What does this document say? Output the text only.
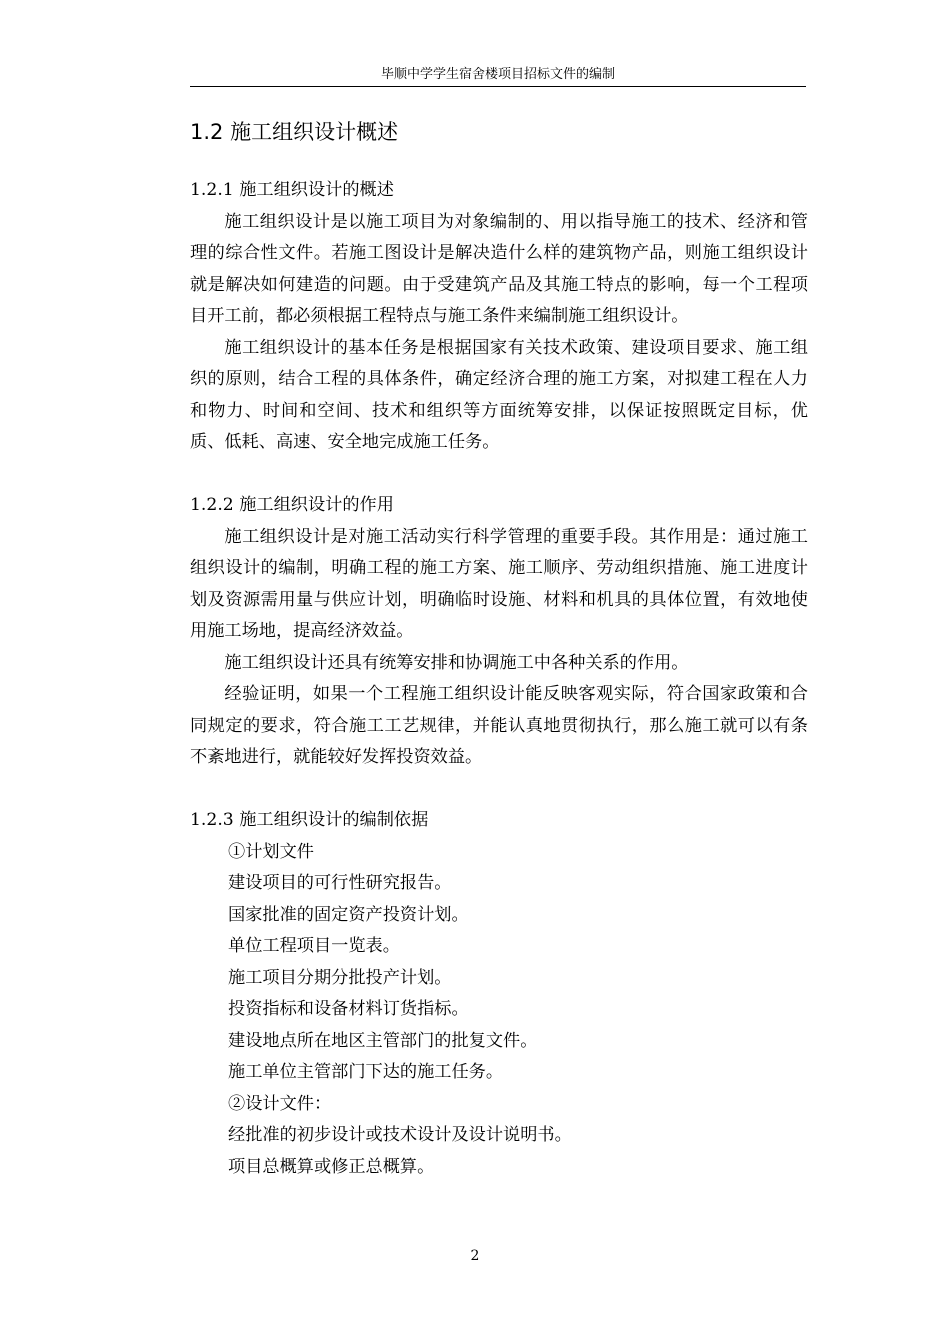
毕顺中学学生宿舍楼项目招标文件的编制
1.2 施工组织设计概述

1.2.1 施工组织设计的概述

施工组织设计是以施工项目为对象编制的、用以指导施工的技术、经济和管理的综合性文件。若施工图设计是解决造什么样的建筑物产品，则施工组织设计就是解决如何建造的问题。由于受建筑产品及其施工特点的影响，每一个工程项目开工前，都必须根据工程特点与施工条件来编制施工组织设计。

施工组织设计的基本任务是根据国家有关技术政策、建设项目要求、施工组织的原则，结合工程的具体条件，确定经济合理的施工方案，对拟建工程在人力和物力、时间和空间、技术和组织等方面统筹安排，以保证按照既定目标，优质、低耗、高速、安全地完成施工任务。

1.2.2 施工组织设计的作用

施工组织设计是对施工活动实行科学管理的重要手段。其作用是：通过施工组织设计的编制，明确工程的施工方案、施工顺序、劳动组织措施、施工进度计划及资源需用量与供应计划，明确临时设施、材料和机具的具体位置，有效地使用施工场地，提高经济效益。

施工组织设计还具有统筹安排和协调施工中各种关系的作用。

经验证明，如果一个工程施工组织设计能反映客观实际，符合国家政策和合同规定的要求，符合施工工艺规律，并能认真地贯彻执行，那么施工就可以有条不紊地进行，就能较好发挥投资效益。

1.2.3 施工组织设计的编制依据

①计划文件

建设项目的可行性研究报告。

国家批准的固定资产投资计划。

单位工程项目一览表。

施工项目分期分批投产计划。

投资指标和设备材料订货指标。

建设地点所在地区主管部门的批复文件。

施工单位主管部门下达的施工任务。

②设计文件：

经批准的初步设计或技术设计及设计说明书。

项目总概算或修正总概算。

2
